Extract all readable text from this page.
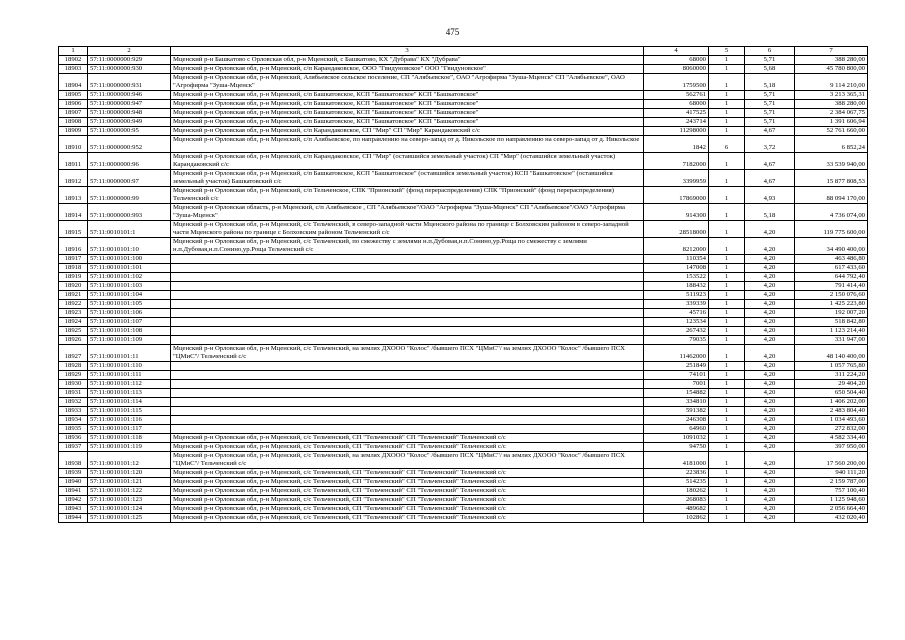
475
1	2	3	4	5	6	7
18902	57:11:0000000:929	Мценский р-н Башкатово с Орловская обл, р-н Мценский, с Башкатово, КХ "Дубрава" КХ "Дубрава"	68000	1	5,71	388 280,00
18903	57:11:0000000:930	Мценский р-н Орловская обл, р-н Мценский, с/п Карандаковское, ООО "Гвидуновское" ООО "Гвидуновское"	8060000	1	5,68	45 780 800,00
18904	57:11:0000000:931	Мценский р-н Орловская обл, р-н Мценский, Алябьевское сельское поселение, СП "Алябьевское", ОАО "Агрофирма "Зуша-Мценск" СП "Алябьевское", ОАО "Агрофирма "Зуша-Мценск"	1759500	1	5,18	9 114 210,00
18905	57:11:0000000:946	Мценский р-н Орловская обл, р-н Мценский, с/п Башкатовское, КСП "Башкатовское" КСП "Башкатовское"	562761	1	5,71	3 213 365,31
18906	57:11:0000000:947	Мценский р-н Орловская обл, р-н Мценский, с/п Башкатовское, КСП "Башкатовское" КСП "Башкатовское"	68000	1	5,71	388 280,00
18907	57:11:0000000:948	Мценский р-н Орловская обл, р-н Мценский, с/п Башкатовское, КСП "Башкатовское" КСП "Башкатовское"	417525	1	5,71	2 384 067,75
18908	57:11:0000000:949	Мценский р-н Орловская обл, р-н Мценский, с/п Башкатовское, КСП "Башкатовское" КСП "Башкатовское"	243714	1	5,71	1 391 606,94
18909	57:11:0000000:95	Мценский р-н Орловская обл, р-н Мценский, с/п Карандаковское, СП "Мир" СП "Мир" Карандаковский с/с	11298000	1	4,67	52 761 660,00
18910	57:11:0000000:952	Мценский р-н Орловская обл, р-н Мценский, с/п Алябьевское, по направлению на северо-запад от д. Никольское по направлению на северо-запад от д. Никольское	1842	6	3,72	6 852,24
18911	57:11:0000000:96	Мценский р-н Орловская обл, р-н Мценский, с/п Карандаковское, СП "Мир" (оставшийся земельный участок) СП "Мир" (оставшийся земельный участок) Карандаковский с/с	7182000	1	4,67	33 539 940,00
18912	57:11:0000000:97	Мценский р-н Орловская обл, р-н Мценский, с/п Башкатовское, КСП "Башкатовское" (оставшийся земельный участок) КСП "Башкатовское" (оставшийся земельный участок) Башкатовский с/с	3399959	1	4,67	15 877 808,53
18913	57:11:0000000:99	Мценский р-н Орловская обл, р-н Мценский, с/п Тельченское, СПК "Прионский" (фонд перераспределения) СПК "Прионский" (фонд перераспределения) Тельченский с/с	17869000	1	4,93	88 094 170,00
18914	57:11:0000000:993	Мценский р-н Орловская область, р-н Мценский, с/п Алябьевское , СП "Алябьевское"/ОАО "Агрофирма "Зуша-Мценск" СП "Алябьевское"/ОАО "Агрофирма "Зуша-Мценск"	914300	1	5,18	4 736 074,00
18915	57:11:0010101:1	Мценский р-н Орловская обл, р-н Мценский, с/с Тельченский, в северо-западной части Мценского района по границе с Болховским районом в северо-западной части Мценского района по границе с Болховским районом Тельченский с/с	28518000	1	4,20	119 775 600,00
18916	57:11:0010101:10	Мценский р-н Орловская обл, р-н Мценский, с/с Тельченский, по смежеству с землями н.п.Дубовая,н.п.Сонино,ур.Роща по смежеству с землями н.п.Дубовая,н.п.Сонино,ур.Роща Тельченский с/с	8212000	1	4,20	34 490 400,00
18917	57:11:0010101:100		110354	1	4,20	463 486,80
18918	57:11:0010101:101		147008	1	4,20	617 433,60
18919	57:11:0010101:102		153522	1	4,20	644 792,40
18920	57:11:0010101:103		188432	1	4,20	791 414,40
18921	57:11:0010101:104		511923	1	4,20	2 150 076,60
18922	57:11:0010101:105		339339	1	4,20	1 425 223,80
18923	57:11:0010101:106		45716	1	4,20	192 007,20
18924	57:11:0010101:107		123534	1	4,20	518 842,80
18925	57:11:0010101:108		267432	1	4,20	1 123 214,40
18926	57:11:0010101:109		79035	1	4,20	331 947,00
18927	57:11:0010101:11	Мценский р-н Орловская обл, р-н Мценский, с/с Тельченский, на землях ДХООО "Колос" /бывшего ПСХ "ЦМиС"/ на землях ДХООО "Колос" /бывшего ПСХ "ЦМиС"/ Тельченский с/с	11462000	1	4,20	48 140 400,00
18928	57:11:0010101:110		251849	1	4,20	1 057 765,80
18929	57:11:0010101:111		74101	1	4,20	311 224,20
18930	57:11:0010101:112		7001	1	4,20	29 404,20
18931	57:11:0010101:113		154882	1	4,20	650 504,40
18932	57:11:0010101:114		334810	1	4,20	1 406 202,00
18933	57:11:0010101:115		591382	1	4,20	2 483 804,40
18934	57:11:0010101:116		246308	1	4,20	1 034 493,60
18935	57:11:0010101:117		64960	1	4,20	272 832,00
18936	57:11:0010101:118	Мценский р-н Орловская обл, р-н Мценский, с/с Тельченский, СП "Тельченский" СП "Тельченский" Тельченский с/с	1091032	1	4,20	4 582 334,40
18937	57:11:0010101:119	Мценский р-н Орловская обл, р-н Мценский, с/с Тельченский, СП "Тельченский" СП "Тельченский" Тельченский с/с	94750	1	4,20	397 950,00
18938	57:11:0010101:12	Мценский р-н Орловская обл, р-н Мценский, с/с Тельченский, на землях ДХООО "Колос" /бывшего ПСХ "ЦМиС"/ на землях ДХООО "Колос" /бывшего ПСХ "ЦМиС"/ Тельченский с/с	4181000	1	4,20	17 560 200,00
18939	57:11:0010101:120	Мценский р-н Орловская обл, р-н Мценский, с/с Тельченский, СП "Тельченский" СП "Тельченский" Тельченский с/с	223836	1	4,20	940 111,20
18940	57:11:0010101:121	Мценский р-н Орловская обл, р-н Мценский, с/с Тельченский, СП "Тельченский" СП "Тельченский" Тельченский с/с	514235	1	4,20	2 159 787,00
18941	57:11:0010101:122	Мценский р-н Орловская обл, р-н Мценский, с/с Тельченский, СП "Тельченский" СП "Тельченский" Тельченский с/с	180262	1	4,20	757 100,40
18942	57:11:0010101:123	Мценский р-н Орловская обл, р-н Мценский, с/с Тельченский, СП "Тельченский" СП "Тельченский" Тельченский с/с	268083	1	4,20	1 125 948,60
18943	57:11:0010101:124	Мценский р-н Орловская обл, р-н Мценский, с/с Тельченский, СП "Тельченский" СП "Тельченский" Тельченский с/с	489682	1	4,20	2 056 664,40
18944	57:11:0010101:125	Мценский р-н Орловская обл, р-н Мценский, с/с Тельченский, СП "Тельченский" СП "Тельченский" Тельченский с/с	102862	1	4,20	432 020,40
